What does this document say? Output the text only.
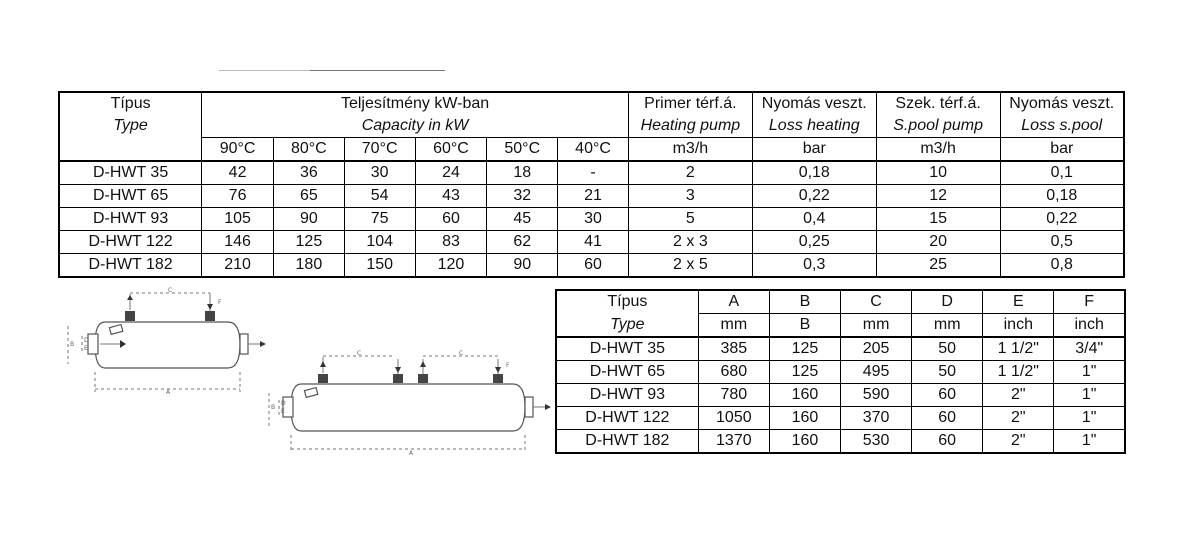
Típus	Teljesítmény kW-ban						Primer térf.á.	Nyomás veszt.	Szek. térf.á.	Nyomás veszt.
Type	Capacity in kW						Heating pump	Loss heating	S.pool pump	Loss s.pool
	90°C	80°C	70°C	60°C	50°C	40°C	m3/h	bar	m3/h	bar
D-HWT 35	42	36	30	24	18	-	2	0,18	10	0,1
D-HWT 65	76	65	54	43	32	21	3	0,22	12	0,18
D-HWT 93	105	90	75	60	45	30	5	0,4	15	0,22
D-HWT 122	146	125	104	83	62	41	2 x 3	0,25	20	0,5
D-HWT 182	210	180	150	120	90	60	2 x 5	0,3	25	0,8
Típus	A	B	C	D	E	F
Type	mm	B	mm	mm	inch	inch
D-HWT 35	385	125	205	50	1 1/2"	3/4"
D-HWT 65	680	125	495	50	1 1/2"	1"
D-HWT 93	780	160	590	60	2"	1"
D-HWT 122	1050	160	370	60	2"	1"
D-HWT 182	1370	160	530	60	2"	1"
C
F
B
D
E
A
C	C
F
B
D
E
A
